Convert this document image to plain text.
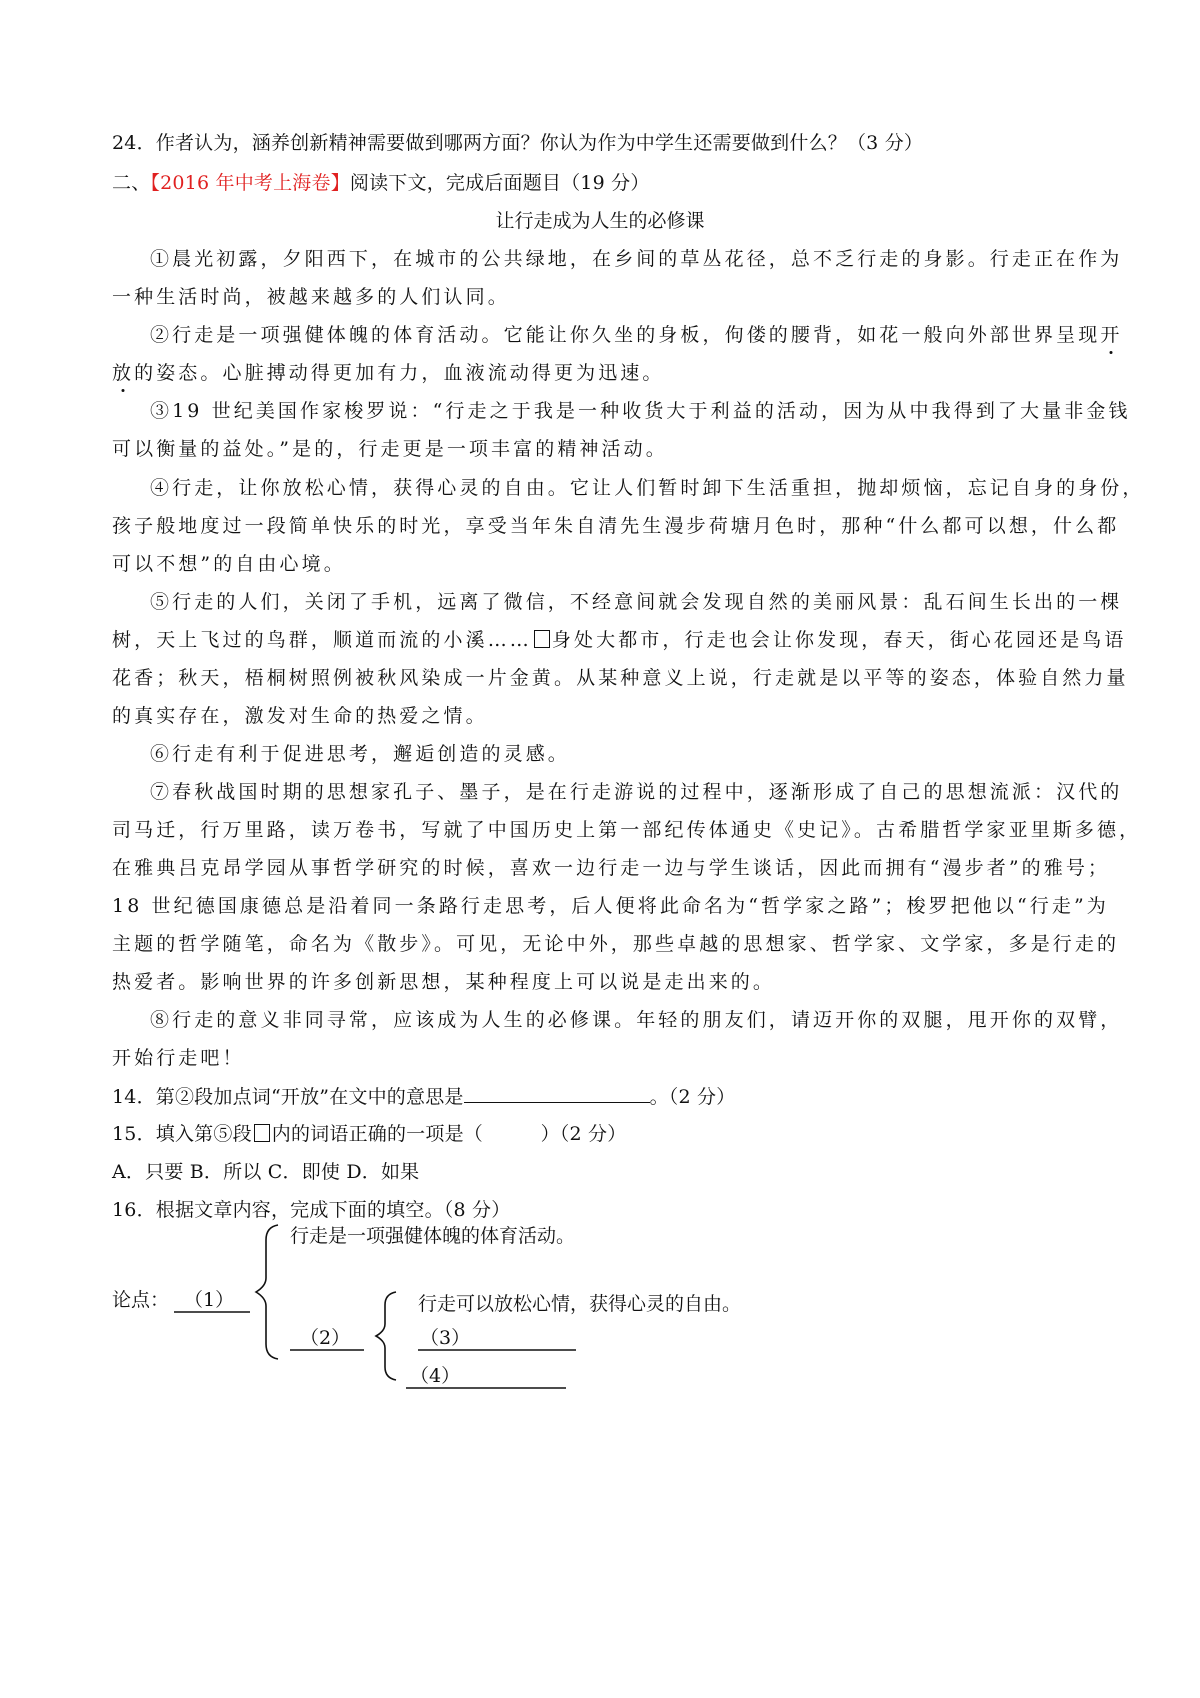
24．作者认为，涵养创新精神需要做到哪两方面？你认为作为中学生还需要做到什么？（3 分）
二、【2016 年中考上海卷】阅读下文，完成后面题目（19 分）
让行走成为人生的必修课
①晨光初露，夕阳西下，在城市的公共绿地，在乡间的草丛花径，总不乏行走的身影。行走正在作为
一种生活时尚，被越来越多的人们认同。
②行走是一项强健体魄的体育活动。它能让你久坐的身板，佝偻的腰背，如花一般向外部世界呈现开
放的姿态。心脏搏动得更加有力，血液流动得更为迅速。
③19 世纪美国作家梭罗说：“行走之于我是一种收货大于利益的活动，因为从中我得到了大量非金钱
可以衡量的益处。”是的，行走更是一项丰富的精神活动。
④行走，让你放松心情，获得心灵的自由。它让人们暂时卸下生活重担，抛却烦恼，忘记自身的身份，
孩子般地度过一段简单快乐的时光，享受当年朱自清先生漫步荷塘月色时，那种“什么都可以想，什么都
可以不想”的自由心境。
⑤行走的人们，关闭了手机，远离了微信，不经意间就会发现自然的美丽风景：乱石间生长出的一棵
树，天上飞过的鸟群，顺道而流的小溪…… 身处大都市，行走也会让你发现，春天，街心花园还是鸟语
花香；秋天，梧桐树照例被秋风染成一片金黄。从某种意义上说，行走就是以平等的姿态，体验自然力量
的真实存在，激发对生命的热爱之情。
⑥行走有利于促进思考，邂逅创造的灵感。
⑦春秋战国时期的思想家孔子、墨子，是在行走游说的过程中，逐渐形成了自己的思想流派：汉代的
司马迁，行万里路，读万卷书，写就了中国历史上第一部纪传体通史《史记》。古希腊哲学家亚里斯多德，
在雅典吕克昂学园从事哲学研究的时候，喜欢一边行走一边与学生谈话，因此而拥有“漫步者”的雅号；
18 世纪德国康德总是沿着同一条路行走思考，后人便将此命名为“哲学家之路”；梭罗把他以“行走”为
主题的哲学随笔，命名为《散步》。可见，无论中外，那些卓越的思想家、哲学家、文学家，多是行走的
热爱者。影响世界的许多创新思想，某种程度上可以说是走出来的。
⑧行走的意义非同寻常，应该成为人生的必修课。年轻的朋友们，请迈开你的双腿，甩开你的双臂，
开始行走吧！
14．第②段加点词“开放”在文中的意思是	。（2 分）
15．填入第⑤段 内的词语正确的一项是（　　　）（2 分）
A．只要 B．所以 C．即使 D．如果
16．根据文章内容，完成下面的填空。（8 分）
论点： （1）
行走是一项强健体魄的体育活动。
（2）
行走可以放松心情，获得心灵的自由。
（3）
（4）
